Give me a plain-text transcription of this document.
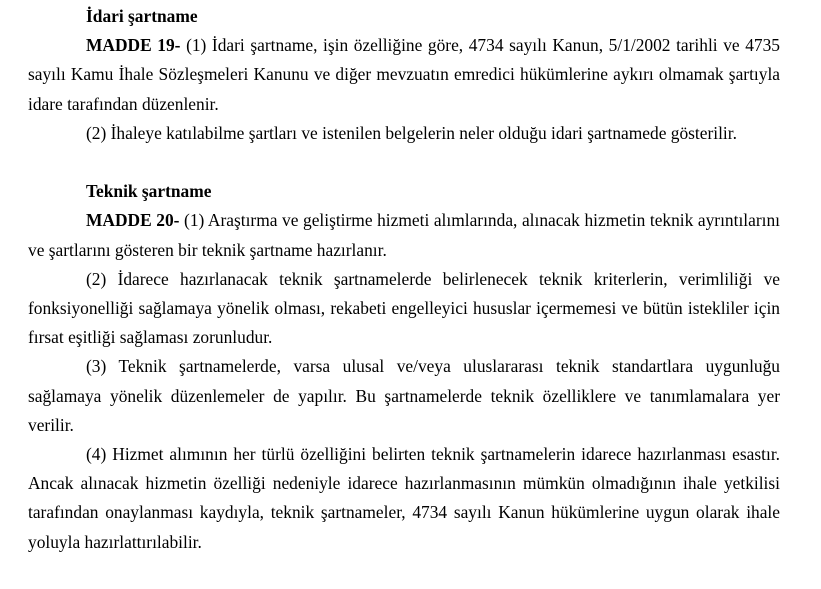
İdari şartname

MADDE 19- (1) İdari şartname, işin özelliğine göre, 4734 sayılı Kanun, 5/1/2002 tarihli ve 4735 sayılı Kamu İhale Sözleşmeleri Kanunu ve diğer mevzuatın emredici hükümlerine aykırı olmamak şartıyla idare tarafından düzenlenir.

(2) İhaleye katılabilme şartları ve istenilen belgelerin neler olduğu idari şartnamede gösterilir.

Teknik şartname

MADDE 20- (1) Araştırma ve geliştirme hizmeti alımlarında, alınacak hizmetin teknik ayrıntılarını ve şartlarını gösteren bir teknik şartname hazırlanır.

(2) İdarece hazırlanacak teknik şartnamelerde belirlenecek teknik kriterlerin, verimliliği ve fonksiyonelliği sağlamaya yönelik olması, rekabeti engelleyici hususlar içermemesi ve bütün istekliler için fırsat eşitliği sağlaması zorunludur.

(3) Teknik şartnamelerde, varsa ulusal ve/veya uluslararası teknik standartlara uygunluğu sağlamaya yönelik düzenlemeler de yapılır. Bu şartnamelerde teknik özelliklere ve tanımlamalara yer verilir.

(4) Hizmet alımının her türlü özelliğini belirten teknik şartnamelerin idarece hazırlanması esastır. Ancak alınacak hizmetin özelliği nedeniyle idarece hazırlanmasının mümkün olmadığının ihale yetkilisi tarafından onaylanması kaydıyla, teknik şartnameler, 4734 sayılı Kanun hükümlerine uygun olarak ihale yoluyla hazırlattırılabilir.
